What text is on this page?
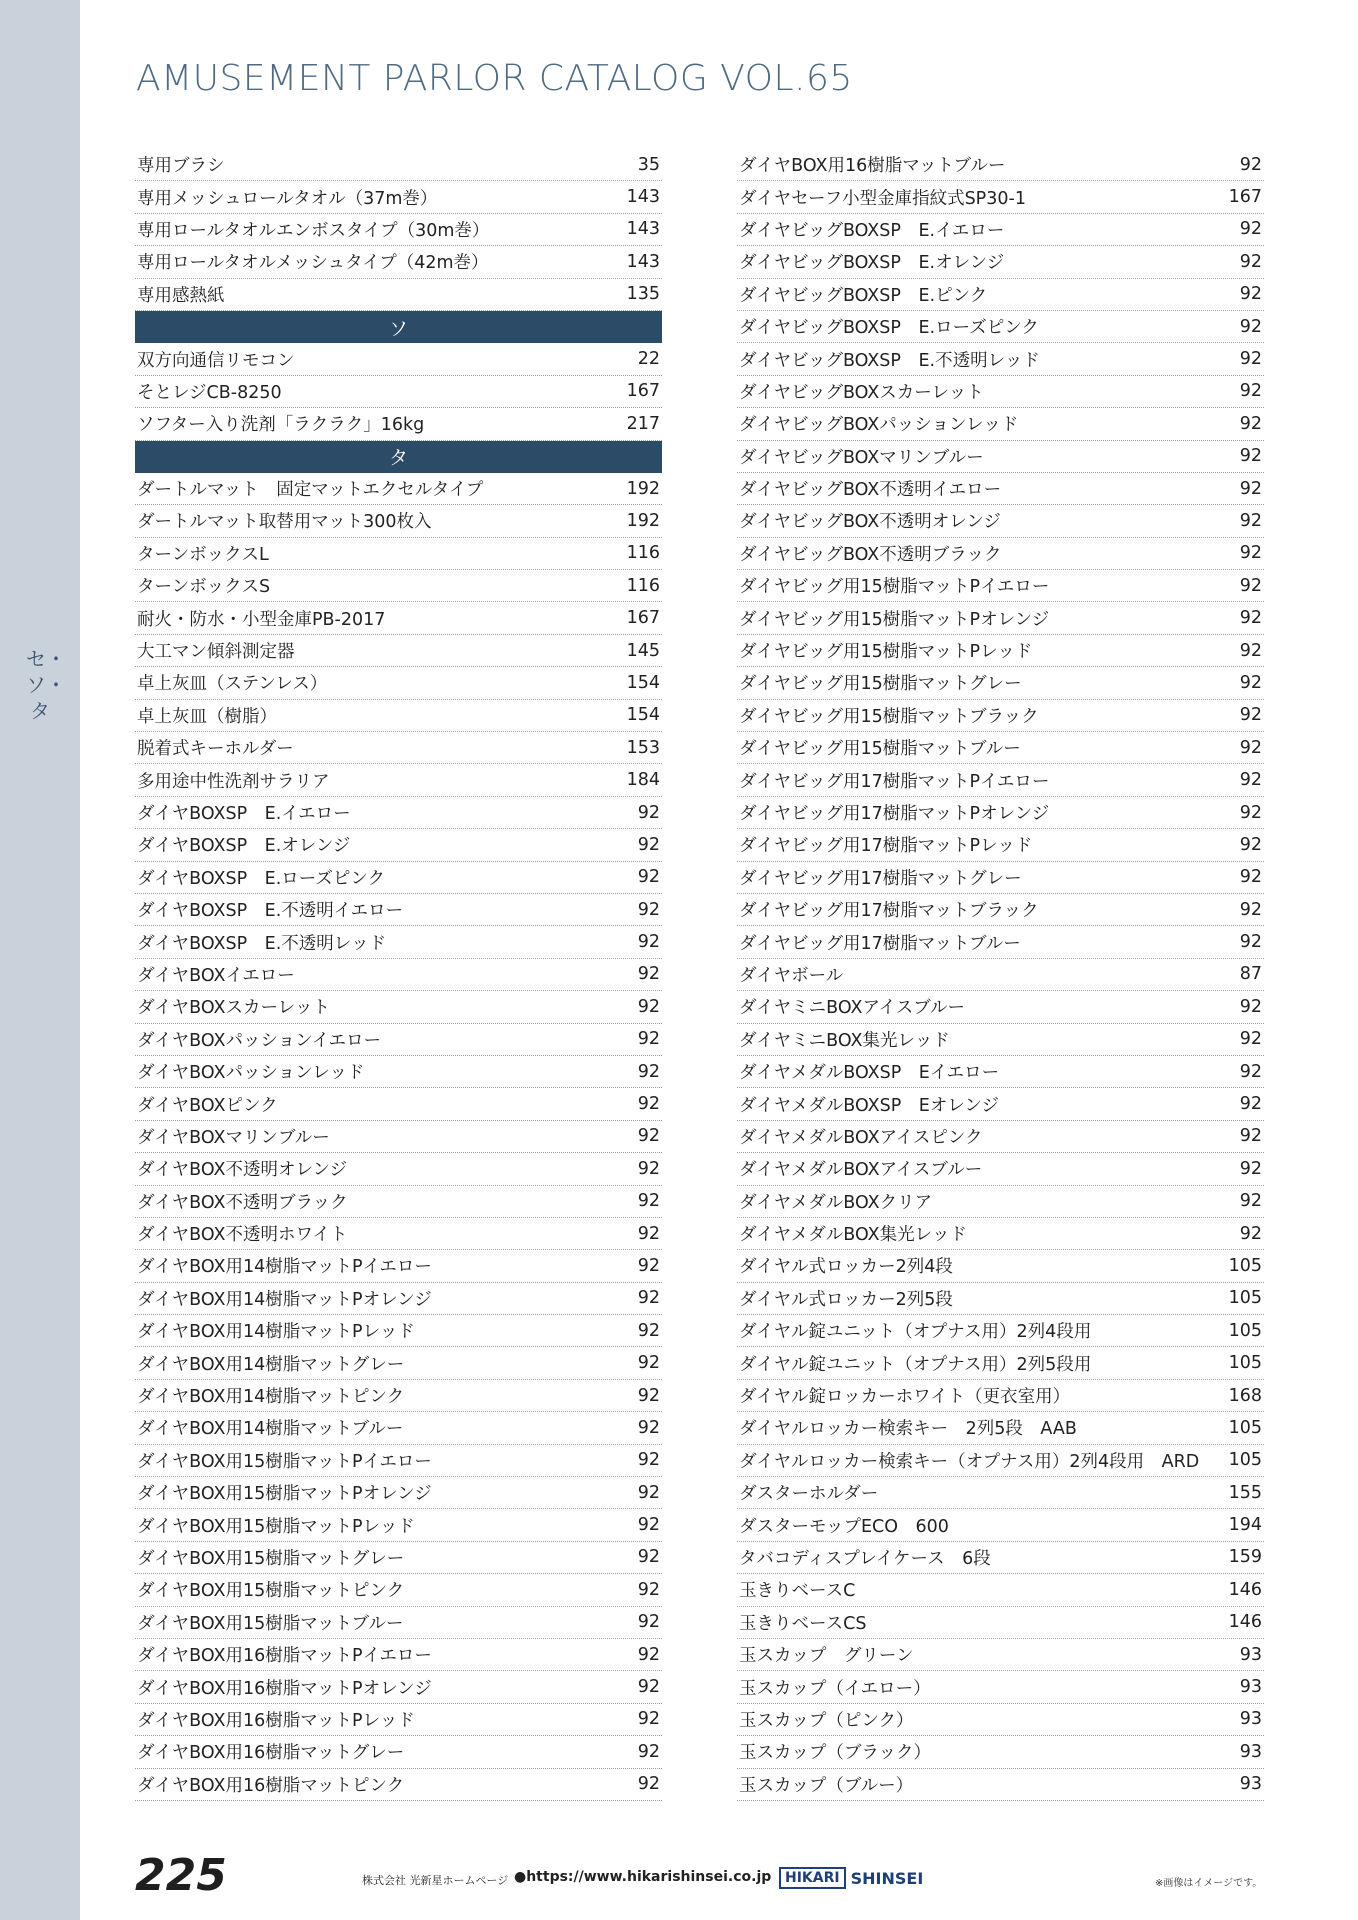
セ・ソ・タ
AMUSEMENT PARLOR CATALOG VOL.65
専用ブラシ	35
専用メッシュロールタオル（37m巻）	143
専用ロールタオルエンボスタイプ（30m巻）	143
専用ロールタオルメッシュタイプ（42m巻）	143
専用感熱紙	135
ソ
双方向通信リモコン	22
そとレジCB-8250	167
ソフター入り洗剤「ラクラク」16kg	217
タ
ダートルマット　固定マットエクセルタイプ	192
ダートルマット取替用マット300枚入	192
ターンボックスL	116
ターンボックスS	116
耐火・防水・小型金庫PB-2017	167
大工マン傾斜測定器	145
卓上灰皿（ステンレス）	154
卓上灰皿（樹脂）	154
脱着式キーホルダー	153
多用途中性洗剤サラリア	184
ダイヤBOXSP　E.イエロー	92
ダイヤBOXSP　E.オレンジ	92
ダイヤBOXSP　E.ローズピンク	92
ダイヤBOXSP　E.不透明イエロー	92
ダイヤBOXSP　E.不透明レッド	92
ダイヤBOXイエロー	92
ダイヤBOXスカーレット	92
ダイヤBOXパッションイエロー	92
ダイヤBOXパッションレッド	92
ダイヤBOXピンク	92
ダイヤBOXマリンブルー	92
ダイヤBOX不透明オレンジ	92
ダイヤBOX不透明ブラック	92
ダイヤBOX不透明ホワイト	92
ダイヤBOX用14樹脂マットPイエロー	92
ダイヤBOX用14樹脂マットPオレンジ	92
ダイヤBOX用14樹脂マットPレッド	92
ダイヤBOX用14樹脂マットグレー	92
ダイヤBOX用14樹脂マットピンク	92
ダイヤBOX用14樹脂マットブルー	92
ダイヤBOX用15樹脂マットPイエロー	92
ダイヤBOX用15樹脂マットPオレンジ	92
ダイヤBOX用15樹脂マットPレッド	92
ダイヤBOX用15樹脂マットグレー	92
ダイヤBOX用15樹脂マットピンク	92
ダイヤBOX用15樹脂マットブルー	92
ダイヤBOX用16樹脂マットPイエロー	92
ダイヤBOX用16樹脂マットPオレンジ	92
ダイヤBOX用16樹脂マットPレッド	92
ダイヤBOX用16樹脂マットグレー	92
ダイヤBOX用16樹脂マットピンク	92
ダイヤBOX用16樹脂マットブルー	92
ダイヤセーフ小型金庫指紋式SP30-1	167
ダイヤビッグBOXSP　E.イエロー	92
ダイヤビッグBOXSP　E.オレンジ	92
ダイヤビッグBOXSP　E.ピンク	92
ダイヤビッグBOXSP　E.ローズピンク	92
ダイヤビッグBOXSP　E.不透明レッド	92
ダイヤビッグBOXスカーレット	92
ダイヤビッグBOXパッションレッド	92
ダイヤビッグBOXマリンブルー	92
ダイヤビッグBOX不透明イエロー	92
ダイヤビッグBOX不透明オレンジ	92
ダイヤビッグBOX不透明ブラック	92
ダイヤビッグ用15樹脂マットPイエロー	92
ダイヤビッグ用15樹脂マットPオレンジ	92
ダイヤビッグ用15樹脂マットPレッド	92
ダイヤビッグ用15樹脂マットグレー	92
ダイヤビッグ用15樹脂マットブラック	92
ダイヤビッグ用15樹脂マットブルー	92
ダイヤビッグ用17樹脂マットPイエロー	92
ダイヤビッグ用17樹脂マットPオレンジ	92
ダイヤビッグ用17樹脂マットPレッド	92
ダイヤビッグ用17樹脂マットグレー	92
ダイヤビッグ用17樹脂マットブラック	92
ダイヤビッグ用17樹脂マットブルー	92
ダイヤボール	87
ダイヤミニBOXアイスブルー	92
ダイヤミニBOX集光レッド	92
ダイヤメダルBOXSP　Eイエロー	92
ダイヤメダルBOXSP　Eオレンジ	92
ダイヤメダルBOXアイスピンク	92
ダイヤメダルBOXアイスブルー	92
ダイヤメダルBOXクリア	92
ダイヤメダルBOX集光レッド	92
ダイヤル式ロッカー2列4段	105
ダイヤル式ロッカー2列5段	105
ダイヤル錠ユニット（オプナス用）2列4段用	105
ダイヤル錠ユニット（オプナス用）2列5段用	105
ダイヤル錠ロッカーホワイト（更衣室用）	168
ダイヤルロッカー検索キー　2列5段　AAB	105
ダイヤルロッカー検索キー（オプナス用）2列4段用　ARD	105
ダスターホルダー	155
ダスターモップECO　600	194
タバコディスプレイケース　6段	159
玉きりベースC	146
玉きりベースCS	146
玉スカップ　グリーン	93
玉スカップ（イエロー）	93
玉スカップ（ピンク）	93
玉スカップ（ブラック）	93
玉スカップ（ブルー）	93
225	株式会社 光新星ホームページ ●https://www.hikarishinsei.co.jp HIKARI SHINSEI	※画像はイメージです。
